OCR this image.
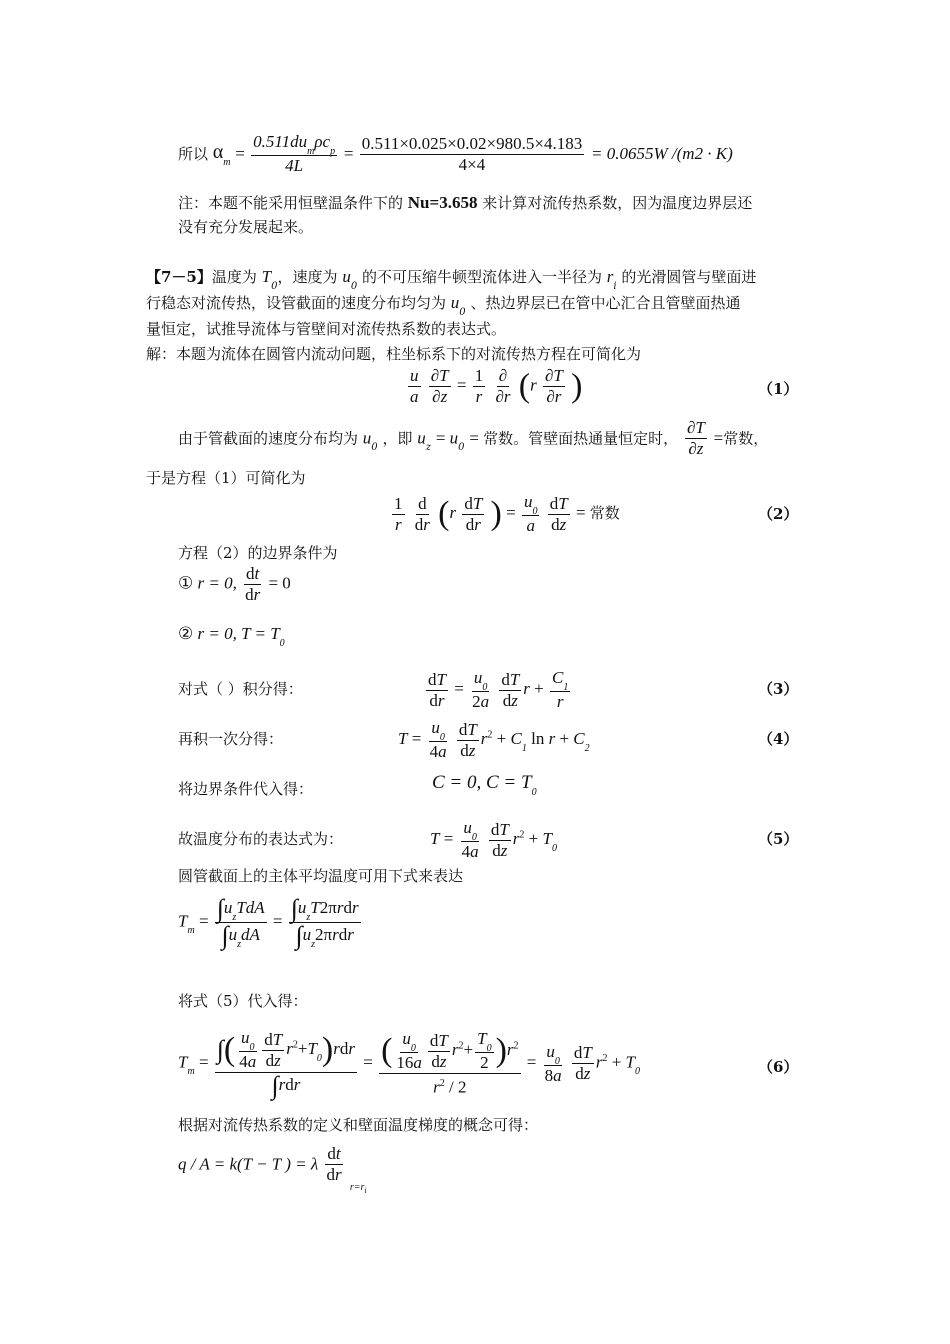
所以 $\alpha_m = \frac{0.511du_m\rho c_p}{4L} = \frac{0.511\times 0.025\times 0.02\times 980.5\times 4.183}{4\times 4} = 0.0655W$ /(m2 · K)
注：本题不能采用恒壁温条件下的 Nu=3.658 来计算对流传热系数，因为温度边界层还
没有充分发展起来。
【7－5】温度为 $T_0$，速度为 $u_0$ 的不可压缩牛顿型流体进入一半径为 $r_i$ 的光滑圆管与壁面进
行稳态对流传热，设管截面的速度分布均匀为 $u_0$ 、热边界层已在管中心汇合且管壁面热通
量恒定，试推导流体与管壁间对流传热系数的表达式。
解：本题为流体在圆管内流动问题，柱坐标系下的对流传热方程在可简化为
$\frac{u}{a}$
$\frac{\partial T}{\partial z} = \frac{1}{r}$
$\frac{\partial}{\partial r} (r \frac{\partial T}{\partial r}$ )	（1）
由于管截面的速度分布均为 $u_0$ ，即 $u_z = u_0$ = 常数。管壁面热通量恒定时， $\frac{\partial T}{\partial z}$ =常数，
于是方程（1）可简化为
$\frac{1}{r}$
$\frac{d}{dr} (r \frac{dT}{dr}$ ) = $\frac{u_0}{a}$
$\frac{dT}{dz}$ = 常数	（2）
方程（2）的边界条件为
① r = 0, $\frac{dt}{dr} = 0$
② r = 0, $T = T_0$
对式（ ）积分得：	$\frac{dT}{dr} = \frac{u_0}{2a}$
$\frac{dT}{dz}$ $r + \frac{C_1}{r}$	（3）
再积一次分得：	$T = \frac{u_0}{4a}$
$\frac{dT}{dz} r^2 + C_1$ $\ln r + C_2$
（4）
将边界条件代入得：	C = 0, $C = T_0$
故温度分布的表达式为：	$T = \frac{u_0}{4a}$
$\frac{dT}{dz} r^2 + T_0$
（5）
圆管截面上的主体平均温度可用下式来表达
$T_m = \frac{\int u_zTdA}{\int u_zdA} = \frac{\int u_zT2\pi rdr}{\int u_z2\pi rdr}$
将式（5）代入得：
$T_m = \frac{\int( \frac{u_0}{4a} \frac{dT}{dz} r^2+T_0)rdr}{\text{∫rdr}} = \frac{( \frac{u_0}{16a} \frac{dT}{dz} r^2+ \frac{T_0}{2} )r^2}{r^2 / 2} = \frac{u_0}{8a}$
$\frac{dT}{dz} r^2 + T_0$	（6）
根据对流传热系数的定义和壁面温度梯度的概念可得：
q / A = k(T − T ) = λ $\frac{dt}{dr}$
$_{r=r_i}$
